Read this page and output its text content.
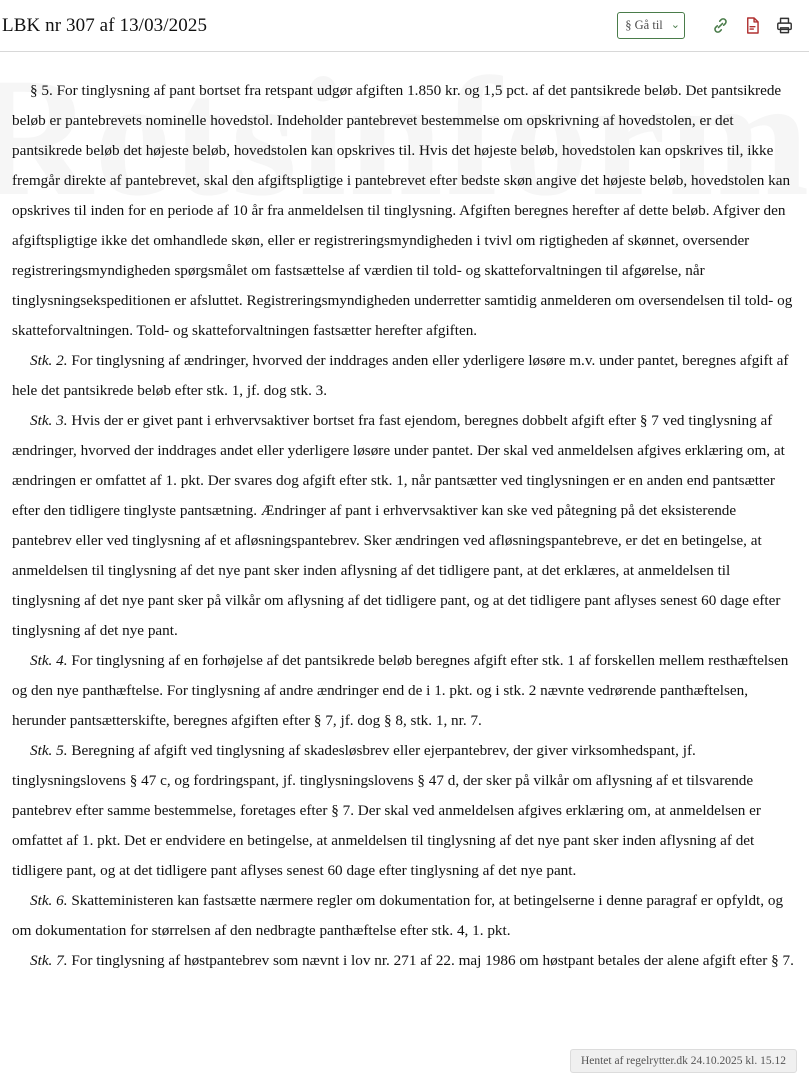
LBK nr 307 af 13/03/2025	§ Gå til ⌄

§ 5. For tinglysning af pant bortset fra retspant udgør afgiften 1.850 kr. og 1,5 pct. af det pantsikrede beløb. Det pantsikrede beløb er pantebrevets nominelle hovedstol. Indeholder pantebrevet bestemmelse om opskrivning af hovedstolen, er det pantsikrede beløb det højeste beløb, hovedstolen kan opskrives til. Hvis det højeste beløb, hovedstolen kan opskrives til, ikke fremgår direkte af pantebrevet, skal den afgiftspligtige i pantebrevet efter bedste skøn angive det højeste beløb, hovedstolen kan opskrives til inden for en periode af 10 år fra anmeldelsen til tinglysning. Afgiften beregnes herefter af dette beløb. Afgiver den afgiftspligtige ikke det omhandlede skøn, eller er registreringsmyndigheden i tvivl om rigtigheden af skønnet, oversender registreringsmyndigheden spørgsmålet om fastsættelse af værdien til told- og skatteforvaltningen til afgørelse, når tinglysningsekspeditionen er afsluttet. Registreringsmyndigheden underretter samtidig anmelderen om oversendelsen til told- og skatteforvaltningen. Told- og skatteforvaltningen fastsætter herefter afgiften.

Stk. 2. For tinglysning af ændringer, hvorved der inddrages anden eller yderligere løsøre m.v. under pantet, beregnes afgift af hele det pantsikrede beløb efter stk. 1, jf. dog stk. 3.

Stk. 3. Hvis der er givet pant i erhvervsaktiver bortset fra fast ejendom, beregnes dobbelt afgift efter § 7 ved tinglysning af ændringer, hvorved der inddrages andet eller yderligere løsøre under pantet. Der skal ved anmeldelsen afgives erklæring om, at ændringen er omfattet af 1. pkt. Der svares dog afgift efter stk. 1, når pantsætter ved tinglysningen er en anden end pantsætter efter den tidligere tinglyste pantsætning. Ændringer af pant i erhvervsaktiver kan ske ved påtegning på det eksisterende pantebrev eller ved tinglysning af et afløsningspantebrev. Sker ændringen ved afløsningspantebreve, er det en betingelse, at anmeldelsen til tinglysning af det nye pant sker inden aflysning af det tidligere pant, at det erklæres, at anmeldelsen til tinglysning af det nye pant sker på vilkår om aflysning af det tidligere pant, og at det tidligere pant aflyses senest 60 dage efter tinglysning af det nye pant.

Stk. 4. For tinglysning af en forhøjelse af det pantsikrede beløb beregnes afgift efter stk. 1 af forskellen mellem resthæftelsen og den nye panthæftelse. For tinglysning af andre ændringer end de i 1. pkt. og i stk. 2 nævnte vedrørende panthæftelsen, herunder pantsætterskifte, beregnes afgiften efter § 7, jf. dog § 8, stk. 1, nr. 7.

Stk. 5. Beregning af afgift ved tinglysning af skadesløsbrev eller ejerpantebrev, der giver virksomhedspant, jf. tinglysningslovens § 47 c, og fordringspant, jf. tinglysningslovens § 47 d, der sker på vilkår om aflysning af et tilsvarende pantebrev efter samme bestemmelse, foretages efter § 7. Der skal ved anmeldelsen afgives erklæring om, at anmeldelsen er omfattet af 1. pkt. Det er endvidere en betingelse, at anmeldelsen til tinglysning af det nye pant sker inden aflysning af det tidligere pant, og at det tidligere pant aflyses senest 60 dage efter tinglysning af det nye pant.

Stk. 6. Skatteministeren kan fastsætte nærmere regler om dokumentation for, at betingelserne i denne paragraf er opfyldt, og om dokumentation for størrelsen af den nedbragte panthæftelse efter stk. 4, 1. pkt.

Stk. 7. For tinglysning af høstpantebrev som nævnt i lov nr. 271 af 22. maj 1986 om høstpant betales der alene afgift efter § 7.

Hentet af regelrytter.dk 24.10.2025 kl. 15.12
